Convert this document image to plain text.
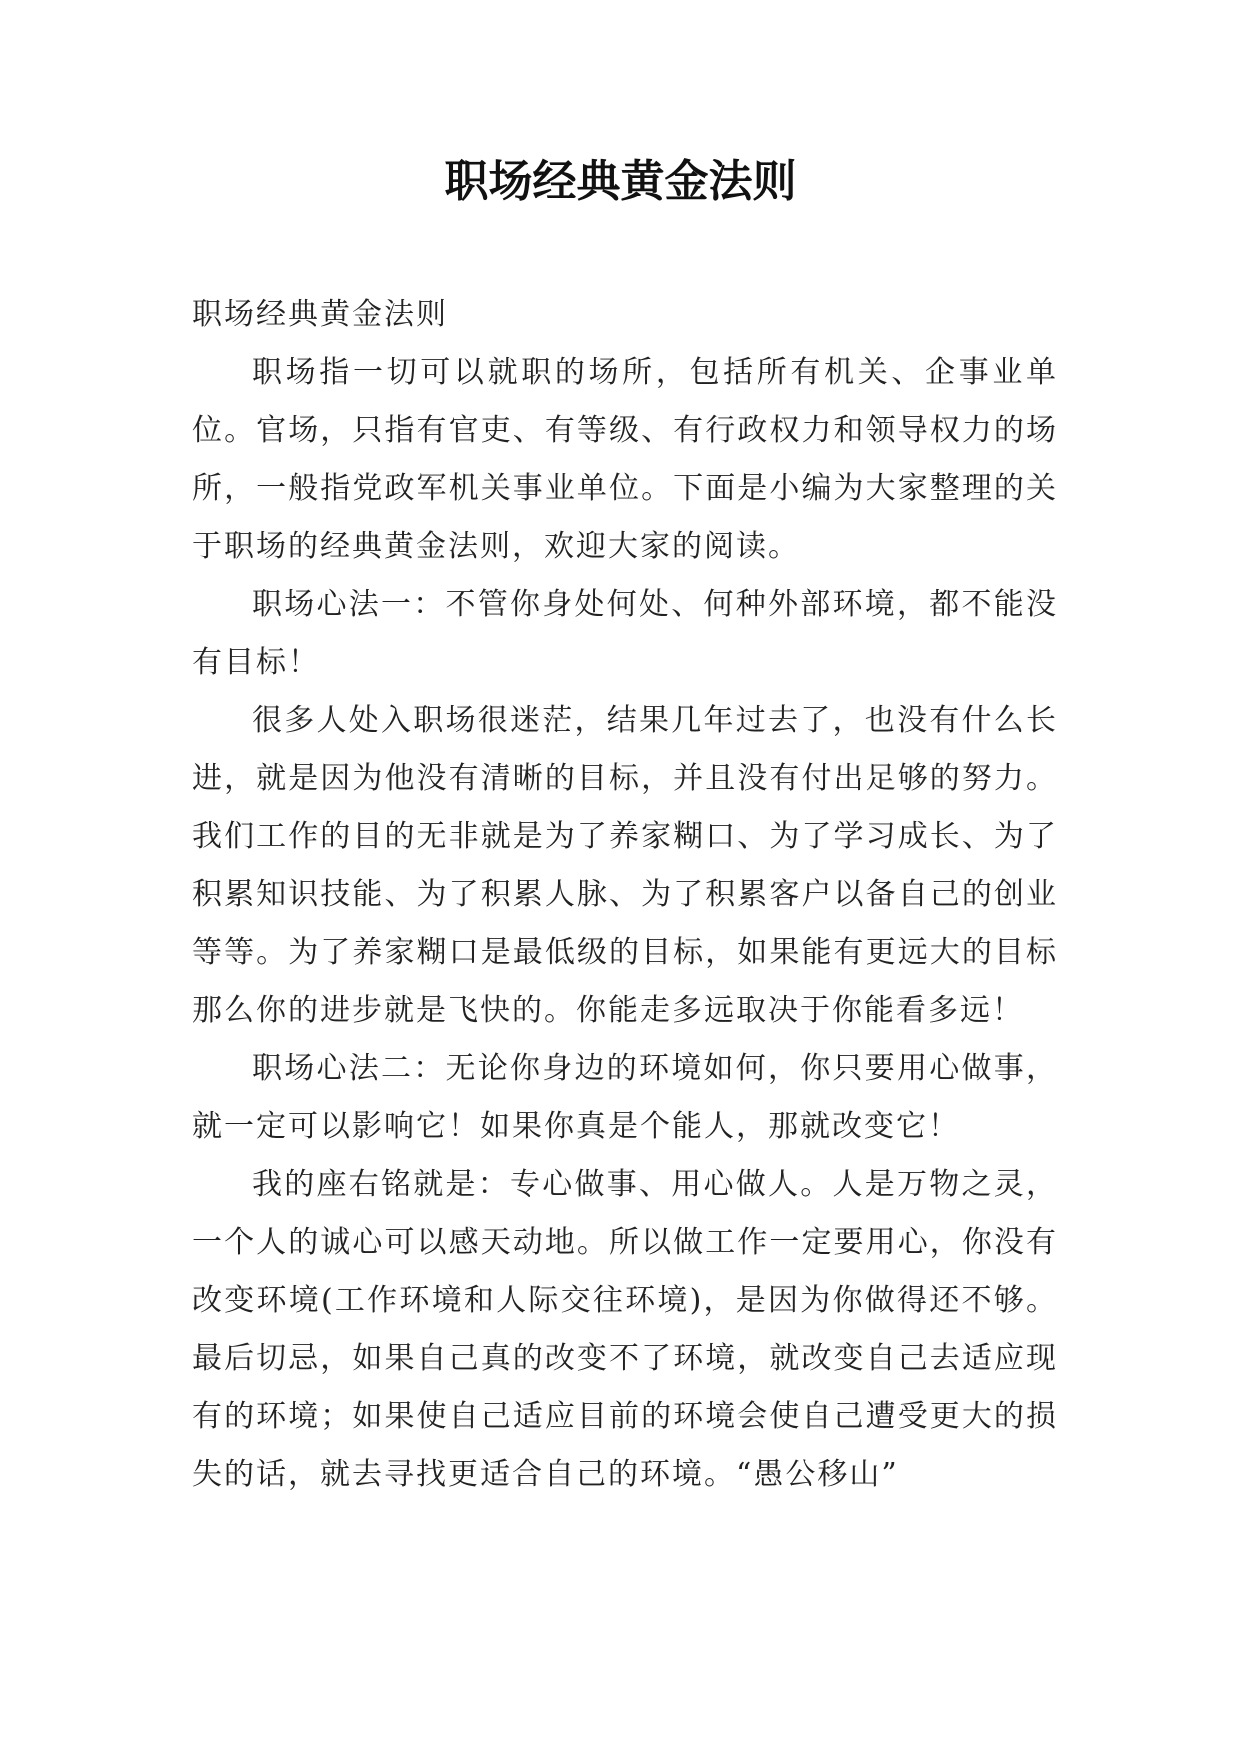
职场经典黄金法则

职场经典黄金法则

职场指一切可以就职的场所，包括所有机关、企事业单位。官场，只指有官吏、有等级、有行政权力和领导权力的场所，一般指党政军机关事业单位。下面是小编为大家整理的关于职场的经典黄金法则，欢迎大家的阅读。

职场心法一：不管你身处何处、何种外部环境，都不能没有目标！

很多人处入职场很迷茫，结果几年过去了，也没有什么长进，就是因为他没有清晰的目标，并且没有付出足够的努力。我们工作的目的无非就是为了养家糊口、为了学习成长、为了积累知识技能、为了积累人脉、为了积累客户以备自己的创业等等。为了养家糊口是最低级的目标，如果能有更远大的目标那么你的进步就是飞快的。你能走多远取决于你能看多远！

职场心法二：无论你身边的环境如何，你只要用心做事，就一定可以影响它！如果你真是个能人，那就改变它！

我的座右铭就是：专心做事、用心做人。人是万物之灵，一个人的诚心可以感天动地。所以做工作一定要用心，你没有改变环境(工作环境和人际交往环境)，是因为你做得还不够。最后切忌，如果自己真的改变不了环境，就改变自己去适应现有的环境；如果使自己适应目前的环境会使自己遭受更大的损失的话，就去寻找更适合自己的环境。“愚公移山”
